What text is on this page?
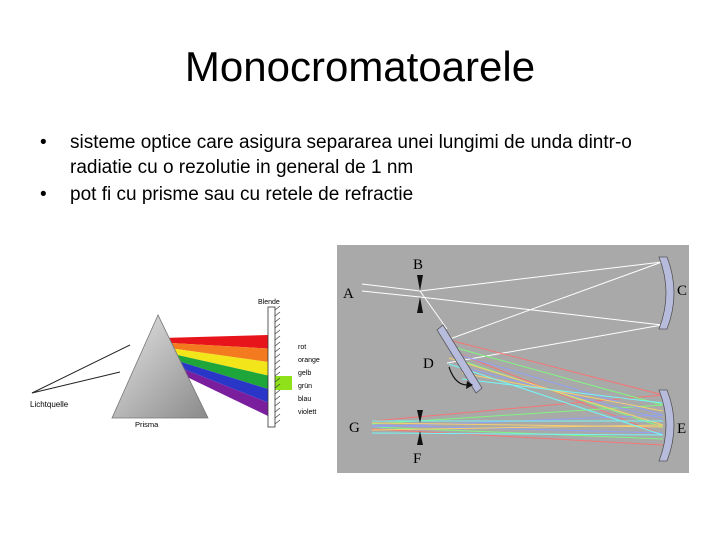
Monocromatoarele
• sisteme optice care asigura separarea unei lungimi de unda dintr-o radiatie cu o rezolutie in general de 1 nm
• pot fi cu prisme sau cu retele de refractie
Blende
Lichtquelle
Prisma
rot
orange
gelb
grün
blau
violett
A
B
C
D
E
F
G
